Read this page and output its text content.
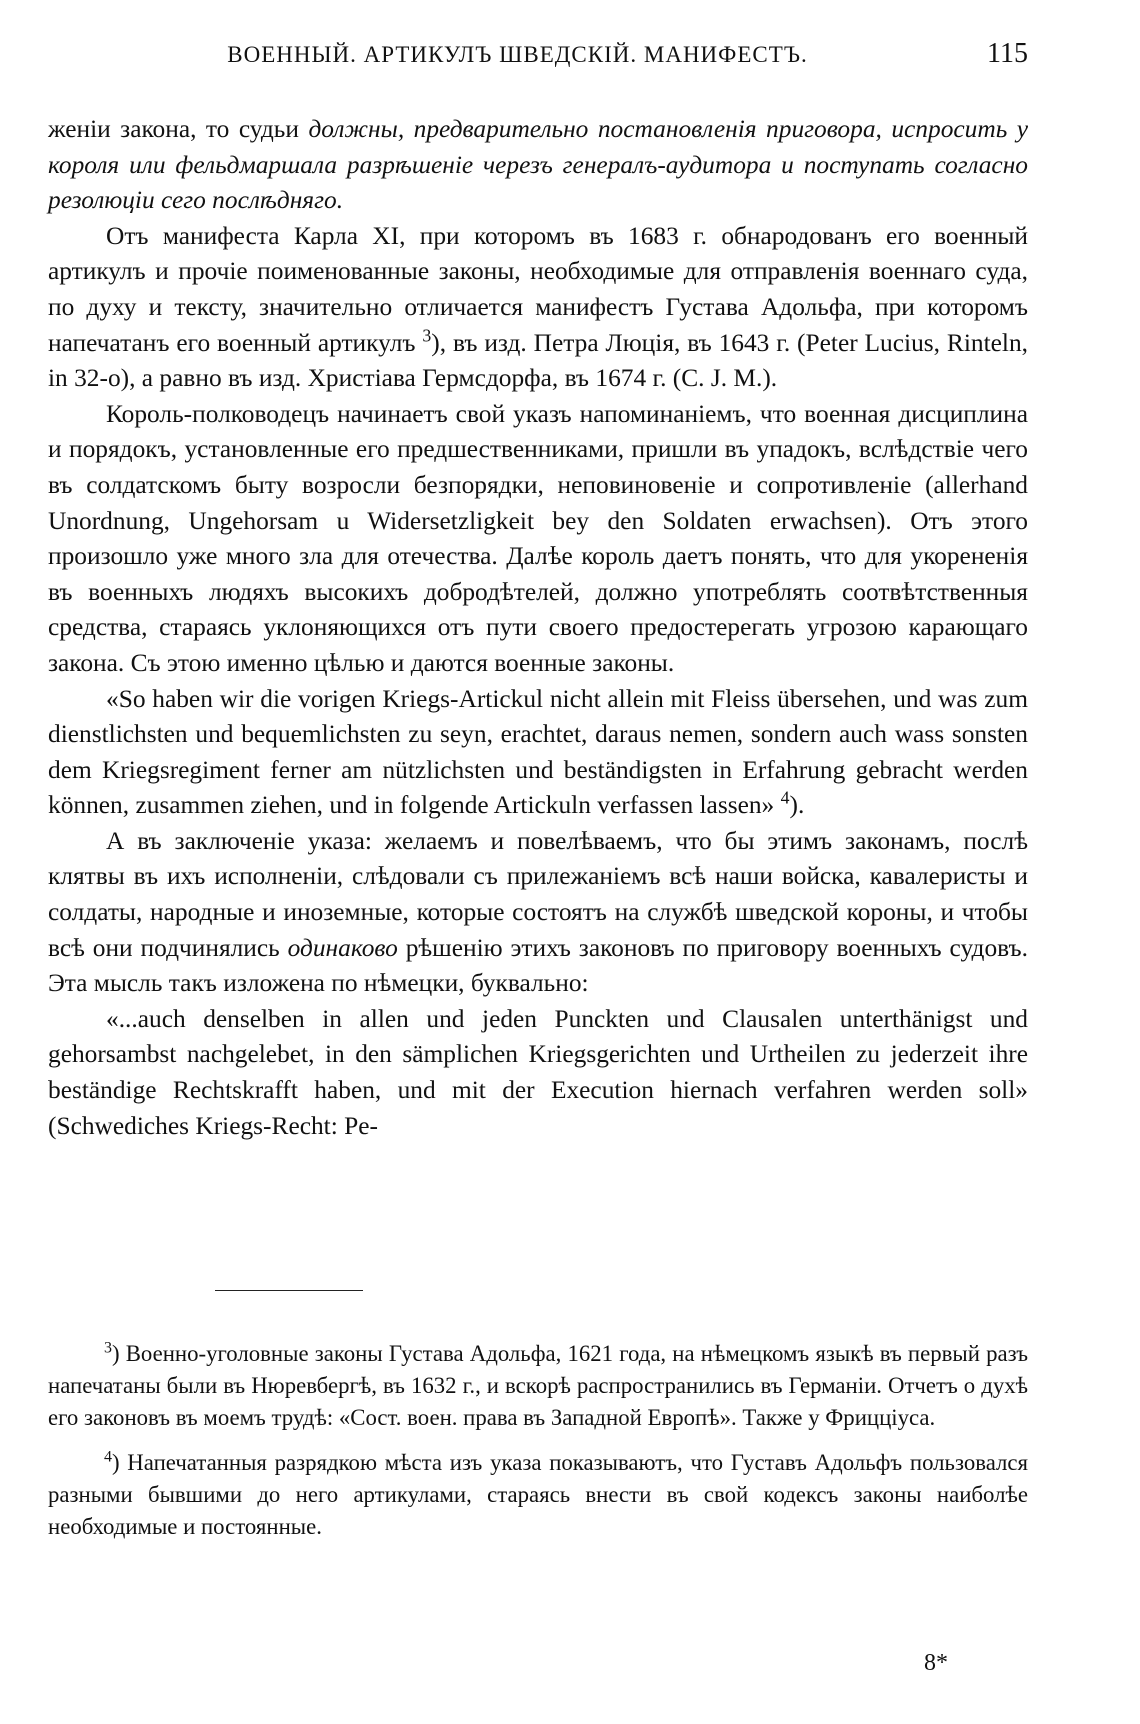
ВОЕННЫЙ. АРТИКУЛЪ ШВЕДСКІЙ. МАНИФЕСТЪ.	115

женіи закона, то судьи должны, предварительно постановленія приговора, испросить у короля или фельдмаршала разрѣшеніе черезъ генералъ-аудитора и поступать согласно резолюціи сего послѣдняго.

Отъ манифеста Карла XI, при которомъ въ 1683 г. обнародованъ его военный артикулъ и прочіе поименованные законы, необходимые для отправленія военнаго суда, по духу и тексту, значительно отличается манифестъ Густава Адольфа, при которомъ напечатанъ его военный артикулъ $^3$), въ изд. Петра Люція, въ 1643 г. (Peter Lucius, Rinteln, in 32-o), а равно въ изд. Христіава Гермсдорфа, въ 1674 г. (C. J. M.).

Король-полководецъ начинаетъ свой указъ напоминаніемъ, что военная дисциплина и порядокъ, установленные его предшественниками, пришли въ упадокъ, вслѣдствіе чего въ солдатскомъ быту возросли безпорядки, неповиновеніе и сопротивленіе (allerhand Unordnung, Ungehorsam u Widersetzligkeit bey den Soldaten erwachsen). Отъ этого произошло уже много зла для отечества. Далѣе король даетъ понять, что для укорененія въ военныхъ людяхъ высокихъ добродѣтелей, должно употреблять соотвѣтственныя средства, стараясь уклоняющихся отъ пути своего предостерегать угрозою карающаго закона. Съ этою именно цѣлью и даются военные законы.

«So haben wir die vorigen Kriegs-Artickul nicht allein mit Fleiss übersehen, und was zum dienstlichsten und bequemlichsten zu seyn, erachtet, daraus nemen, sondern auch wass sonsten dem Kriegsregiment ferner am nützlichsten und beständigsten in Erfahrung gebracht werden können, zusammen ziehen, und in folgende Artickuln verfassen lassen» $^4$).

А въ заключеніе указа: желаемъ и повелѣваемъ, что бы этимъ законамъ, послѣ клятвы въ ихъ исполненіи, слѣдовали съ прилежаніемъ всѣ наши войска, кавалеристы и солдаты, народные и иноземные, которые состоятъ на службѣ шведской короны, и чтобы всѣ они подчинялись одинаково рѣшенію этихъ законовъ по приговору военныхъ судовъ. Эта мысль такъ изложена по нѣмецки, буквально:

«...auch denselben in allen und jeden Punckten und Clausalen unterthänigst und gehorsambst nachgelebet, in den sämplichen Kriegsgerichten und Urtheilen zu jederzeit ihre beständige Rechtskrafft haben, und mit der Execution hiernach verfahren werden soll» (Schwediches Kriegs-Recht: Pe-

$^3$) Военно-уголовные законы Густава Адольфа, 1621 года, на нѣмецкомъ языкѣ въ первый разъ напечатаны были въ Нюревбергѣ, въ 1632 г., и вскорѣ распространились въ Германіи. Отчетъ о духѣ его законовъ въ моемъ трудѣ: «Сост. воен. права въ Западной Европѣ». Также у Фрицціуса.

$^4$) Напечатанныя разрядкою мѣста изъ указа показываютъ, что Густавъ Адольфъ пользовался разными бывшими до него артикулами, стараясь внести въ свой кодексъ законы наиболѣе необходимые и постоянные.

8*
